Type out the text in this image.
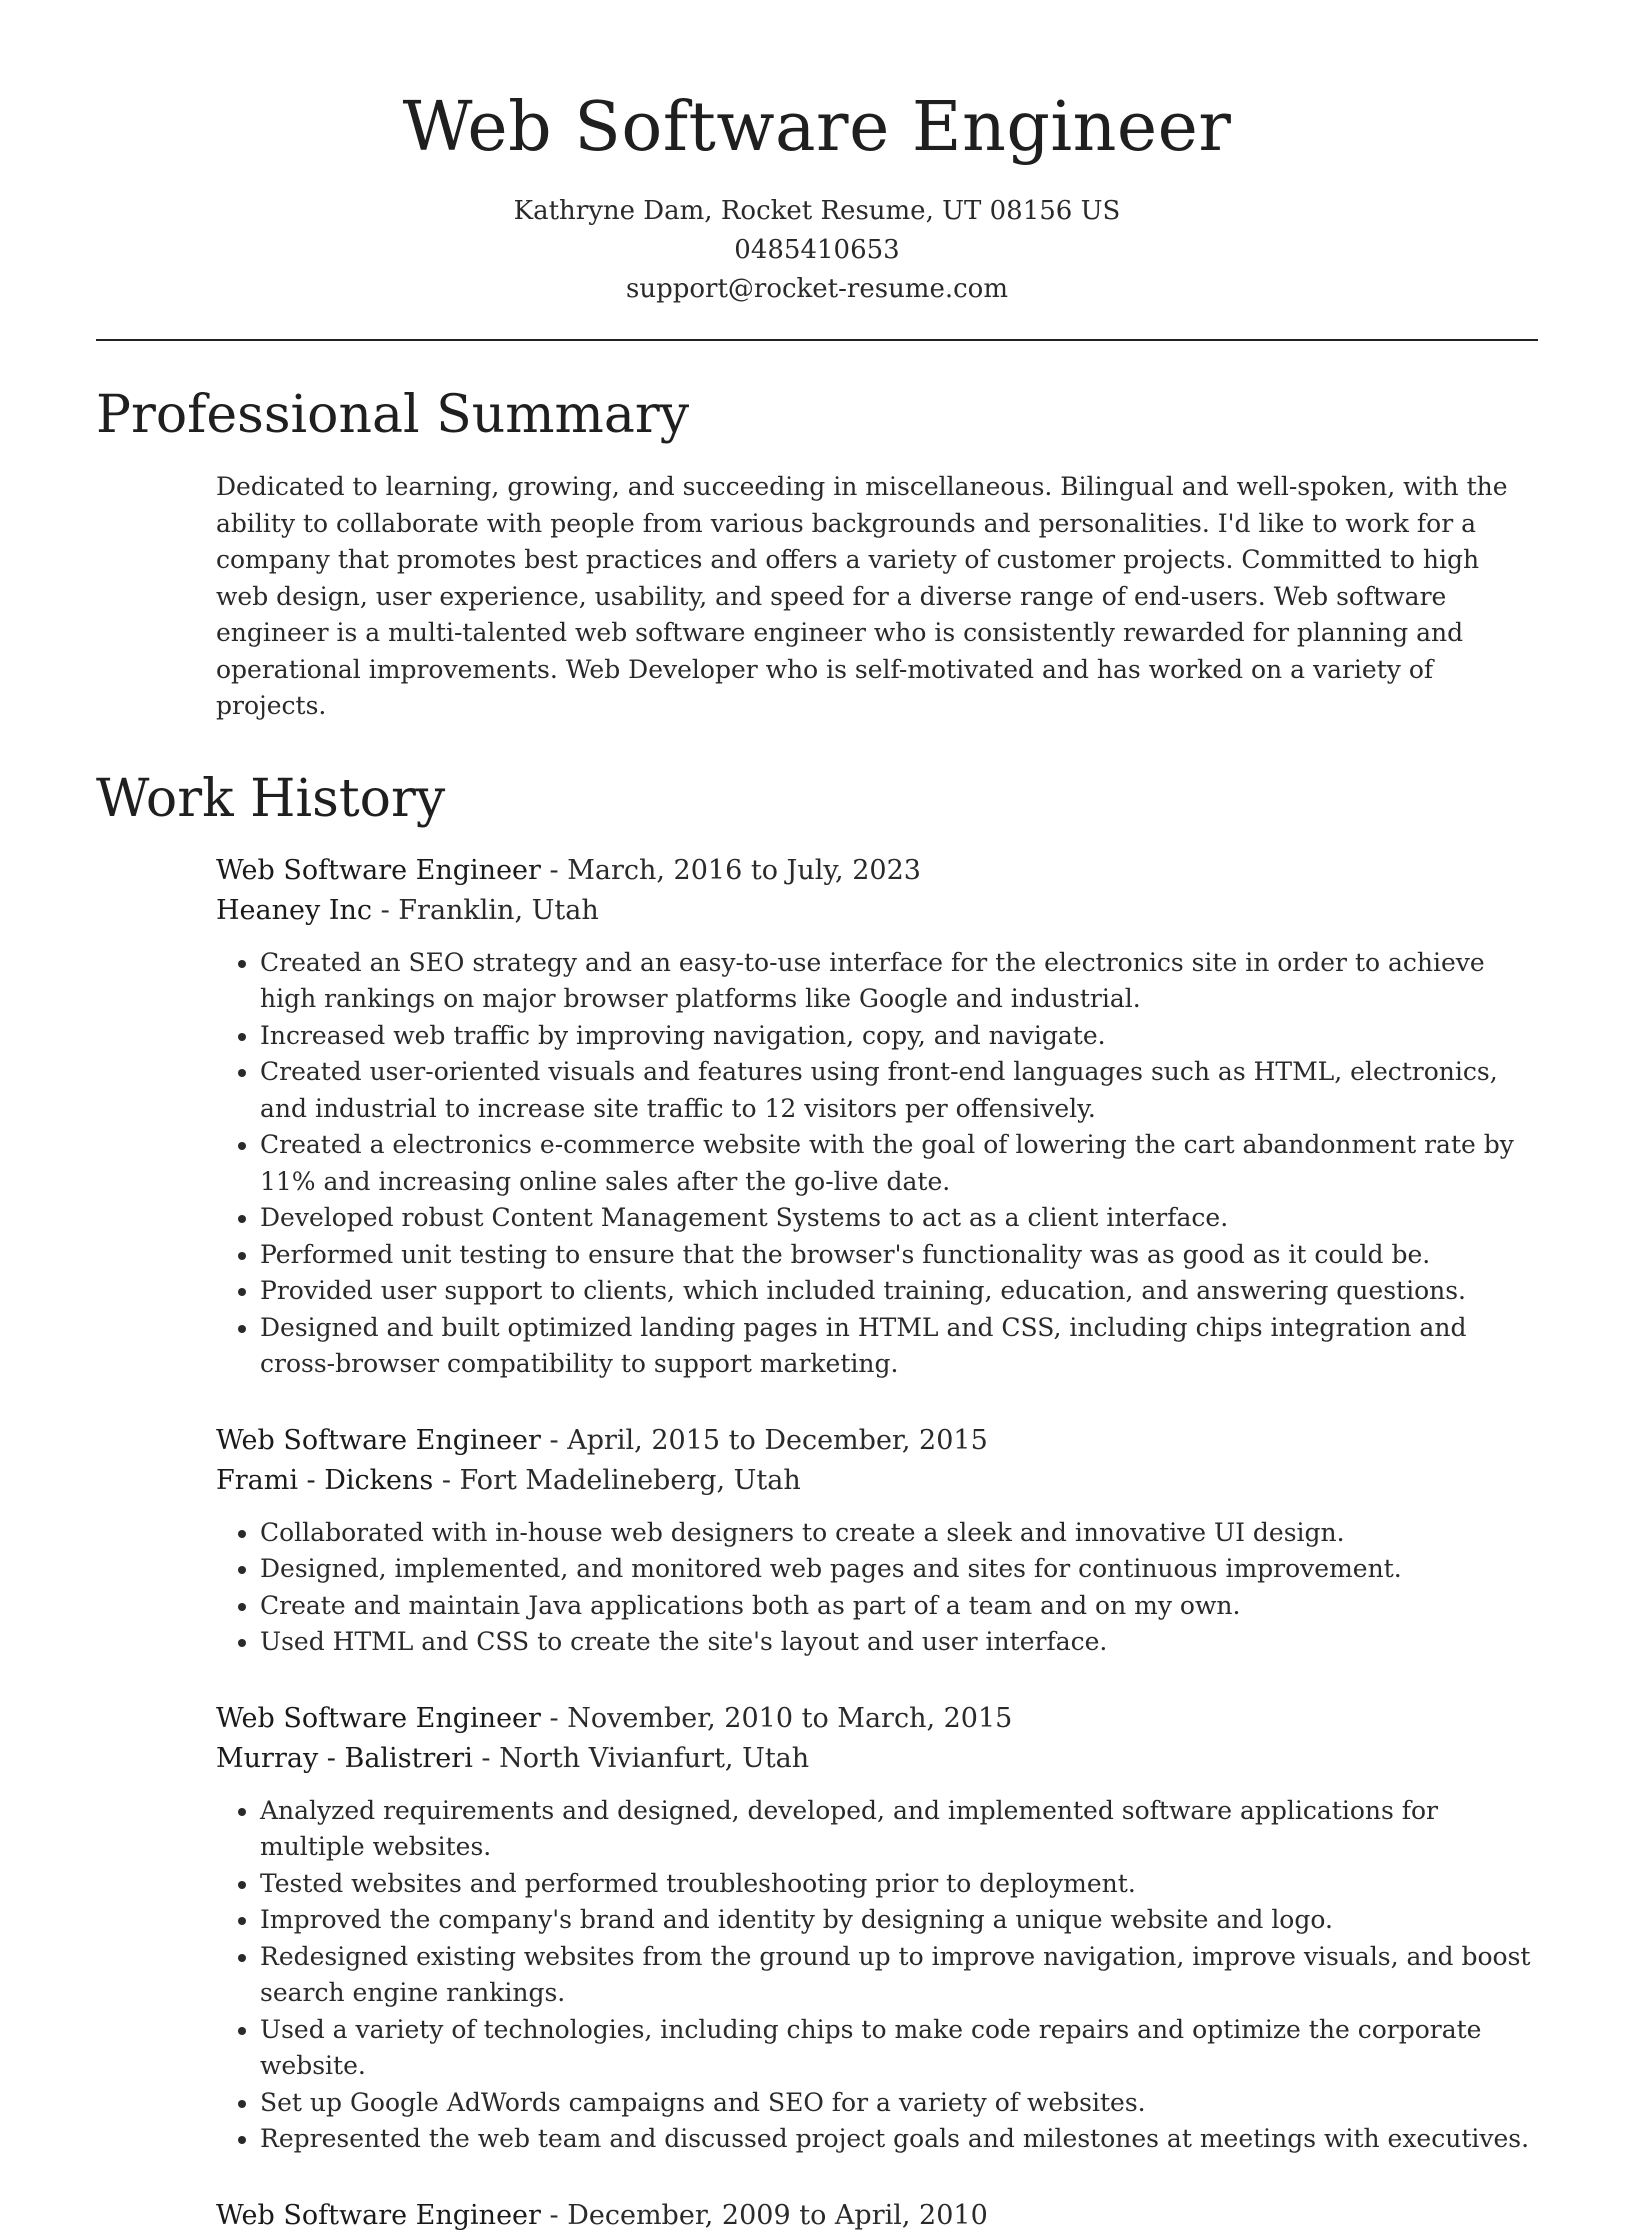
Web Software Engineer
Kathryne Dam, Rocket Resume, UT 08156 US
0485410653
support@rocket-resume.com
Professional Summary

Dedicated to learning, growing, and succeeding in miscellaneous. Bilingual and well-spoken, with the ability to collaborate with people from various backgrounds and personalities. I'd like to work for a company that promotes best practices and offers a variety of customer projects. Committed to high web design, user experience, usability, and speed for a diverse range of end-users. Web software engineer is a multi-talented web software engineer who is consistently rewarded for planning and operational improvements. Web Developer who is self-motivated and has worked on a variety of projects.

Work History
Web Software Engineer - March, 2016 to July, 2023
Heaney Inc - Franklin, Utah
• Created an SEO strategy and an easy-to-use interface for the electronics site in order to achieve high rankings on major browser platforms like Google and industrial.
• Increased web traffic by improving navigation, copy, and navigate.
• Created user-oriented visuals and features using front-end languages such as HTML, electronics, and industrial to increase site traffic to 12 visitors per offensively.
• Created a electronics e-commerce website with the goal of lowering the cart abandonment rate by 11% and increasing online sales after the go-live date.
• Developed robust Content Management Systems to act as a client interface.
• Performed unit testing to ensure that the browser's functionality was as good as it could be.
• Provided user support to clients, which included training, education, and answering questions.
• Designed and built optimized landing pages in HTML and CSS, including chips integration and cross-browser compatibility to support marketing.
Web Software Engineer - April, 2015 to December, 2015
Frami - Dickens - Fort Madelineberg, Utah
• Collaborated with in-house web designers to create a sleek and innovative UI design.
• Designed, implemented, and monitored web pages and sites for continuous improvement.
• Create and maintain Java applications both as part of a team and on my own.
• Used HTML and CSS to create the site's layout and user interface.
Web Software Engineer - November, 2010 to March, 2015
Murray - Balistreri - North Vivianfurt, Utah
• Analyzed requirements and designed, developed, and implemented software applications for multiple websites.
• Tested websites and performed troubleshooting prior to deployment.
• Improved the company's brand and identity by designing a unique website and logo.
• Redesigned existing websites from the ground up to improve navigation, improve visuals, and boost search engine rankings.
• Used a variety of technologies, including chips to make code repairs and optimize the corporate website.
• Set up Google AdWords campaigns and SEO for a variety of websites.
• Represented the web team and discussed project goals and milestones at meetings with executives.
Web Software Engineer - December, 2009 to April, 2010
